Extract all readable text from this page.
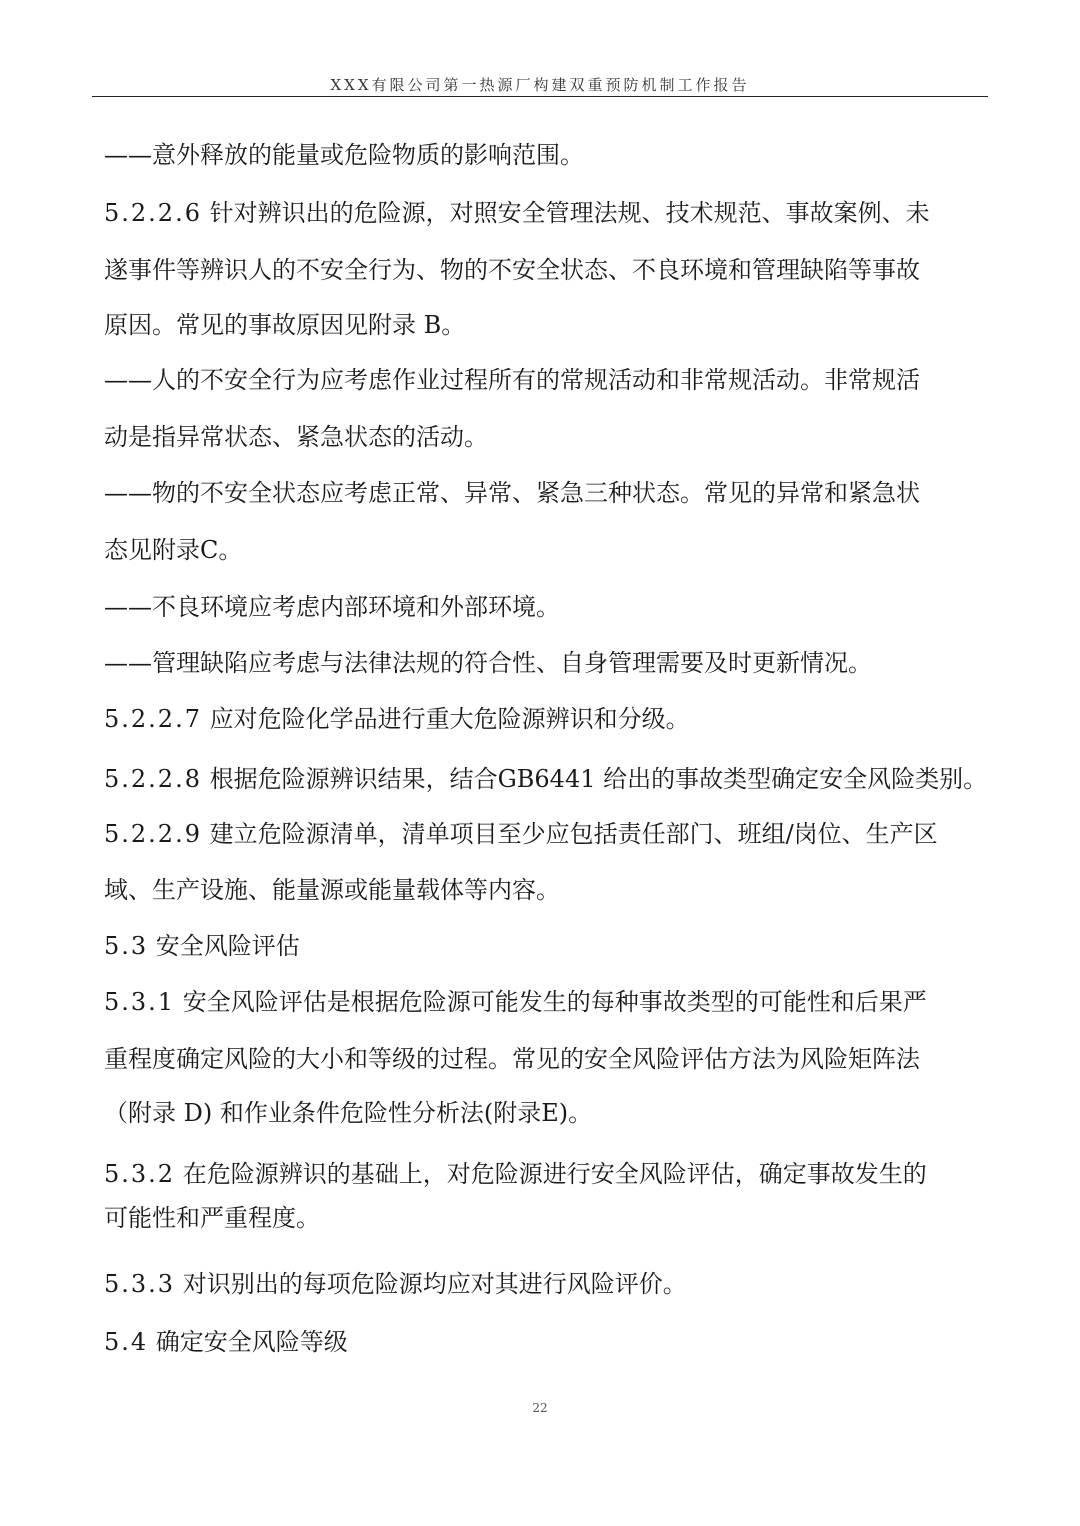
XXX有限公司第一热源厂构建双重预防机制工作报告
——意外释放的能量或危险物质的影响范围。
5.2.2.6 针对辨识出的危险源，对照安全管理法规、技术规范、事故案例、未
遂事件等辨识人的不安全行为、物的不安全状态、不良环境和管理缺陷等事故
原因。常见的事故原因见附录 B。
——人的不安全行为应考虑作业过程所有的常规活动和非常规活动。非常规活
动是指异常状态、紧急状态的活动。
——物的不安全状态应考虑正常、异常、紧急三种状态。常见的异常和紧急状
态见附录C。
——不良环境应考虑内部环境和外部环境。
——管理缺陷应考虑与法律法规的符合性、自身管理需要及时更新情况。
5.2.2.7 应对危险化学品进行重大危险源辨识和分级。
5.2.2.8 根据危险源辨识结果，结合GB6441 给出的事故类型确定安全风险类别。
5.2.2.9 建立危险源清单，清单项目至少应包括责任部门、班组/岗位、生产区
域、生产设施、能量源或能量载体等内容。
5.3 安全风险评估
5.3.1 安全风险评估是根据危险源可能发生的每种事故类型的可能性和后果严
重程度确定风险的大小和等级的过程。常见的安全风险评估方法为风险矩阵法
（附录 D) 和作业条件危险性分析法(附录E)。
5.3.2 在危险源辨识的基础上，对危险源进行安全风险评估，确定事故发生的
可能性和严重程度。
5.3.3 对识别出的每项危险源均应对其进行风险评价。
5.4 确定安全风险等级
22
